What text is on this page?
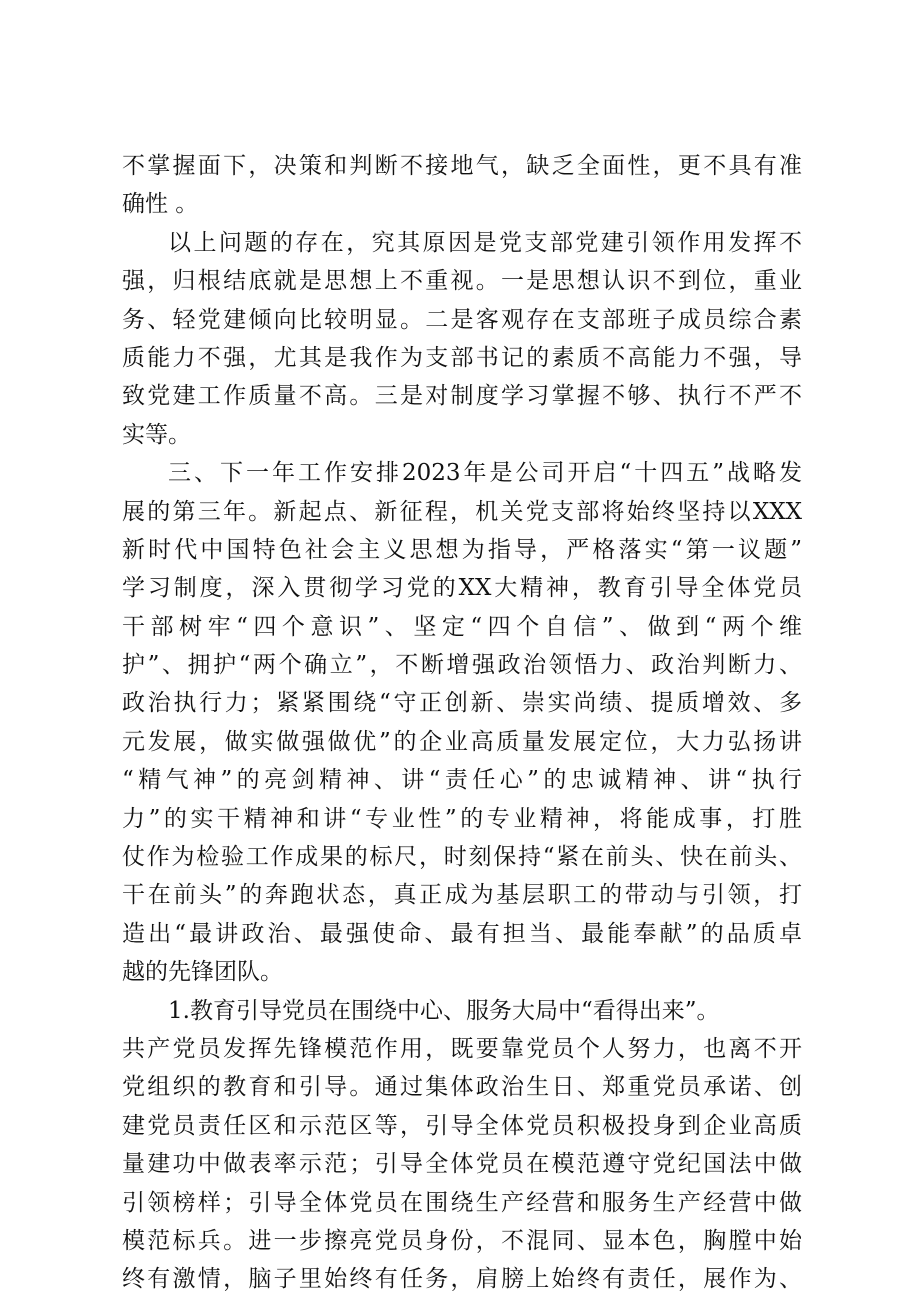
不掌握面下，决策和判断不接地气，缺乏全面性，更不具有准
确性 。
以上问题的存在，究其原因是党支部党建引领作用发挥不
强，归根结底就是思想上不重视。一是思想认识不到位，重业
务、轻党建倾向比较明显。二是客观存在支部班子成员综合素
质能力不强，尤其是我作为支部书记的素质不高能力不强，导
致党建工作质量不高。三是对制度学习掌握不够、执行不严不
实等。
三、下一年工作安排2023年是公司开启“十四五”战略发
展的第三年。新起点、新征程，机关党支部将始终坚持以XXX
新时代中国特色社会主义思想为指导，严格落实“第一议题”
学习制度，深入贯彻学习党的XX大精神，教育引导全体党员
干部树牢“四个意识”、坚定“四个自信”、做到“两个维
护”、拥护“两个确立”，不断增强政治领悟力、政治判断力、
政治执行力；紧紧围绕“守正创新、崇实尚绩、提质增效、多
元发展，做实做强做优”的企业高质量发展定位，大力弘扬讲
“精气神”的亮剑精神、讲“责任心”的忠诚精神、讲“执行
力”的实干精神和讲“专业性”的专业精神，将能成事，打胜
仗作为检验工作成果的标尺，时刻保持“紧在前头、快在前头、
干在前头”的奔跑状态，真正成为基层职工的带动与引领，打
造出“最讲政治、最强使命、最有担当、最能奉献”的品质卓
越的先锋团队。
1.教育引导党员在围绕中心、服务大局中“看得出来”。
共产党员发挥先锋模范作用，既要靠党员个人努力，也离不开
党组织的教育和引导。通过集体政治生日、郑重党员承诺、创
建党员责任区和示范区等，引导全体党员积极投身到企业高质
量建功中做表率示范；引导全体党员在模范遵守党纪国法中做
引领榜样；引导全体党员在围绕生产经营和服务生产经营中做
模范标兵。进一步擦亮党员身份，不混同、显本色，胸膛中始
终有激情，脑子里始终有任务，肩膀上始终有责任，展作为、
